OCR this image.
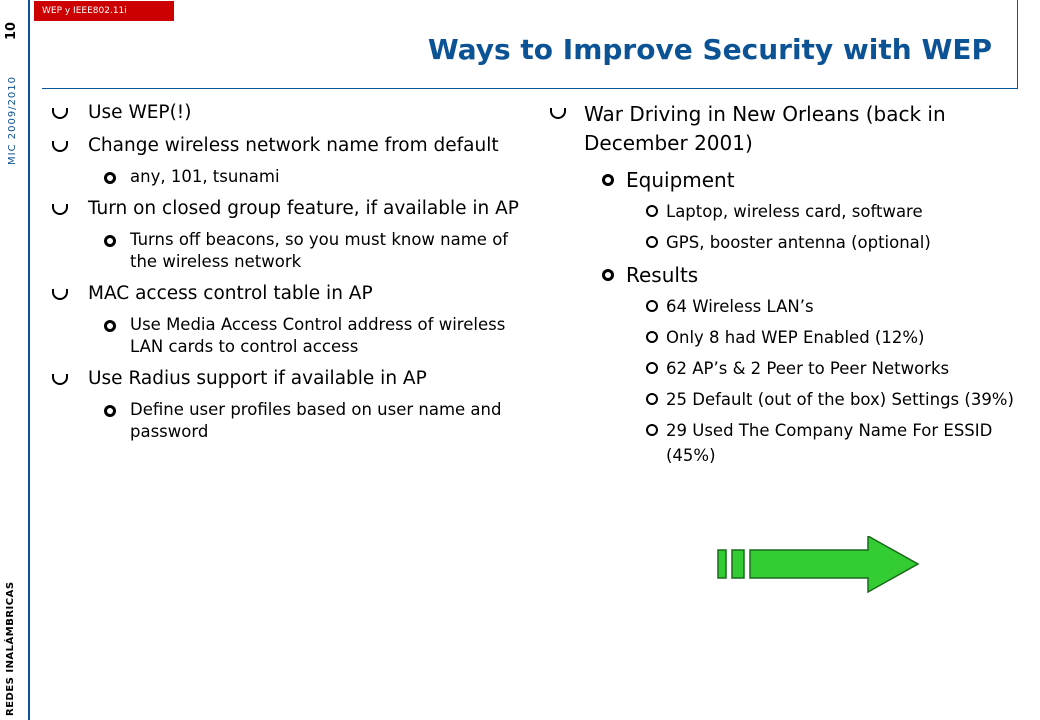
10
MIC 2009/2010
REDES INALÁMBRICAS
WEP y IEEE802.11i
Ways to Improve Security with WEP
Use WEP(!)
Change wireless network name from default
any, 101, tsunami
Turn on closed group feature, if available in AP
Turns off beacons, so you must know name of the wireless network
MAC access control table in AP
Use Media Access Control address of wireless LAN cards to control access
Use Radius support if available in AP
Define user profiles based on user name and password
War Driving in New Orleans (back in December 2001)
Equipment
Laptop, wireless card, software
GPS, booster antenna (optional)
Results
64 Wireless LAN’s
Only 8 had WEP Enabled (12%)
62 AP’s & 2 Peer to Peer Networks
25 Default (out of the box) Settings (39%)
29 Used The Company Name For ESSID (45%)
